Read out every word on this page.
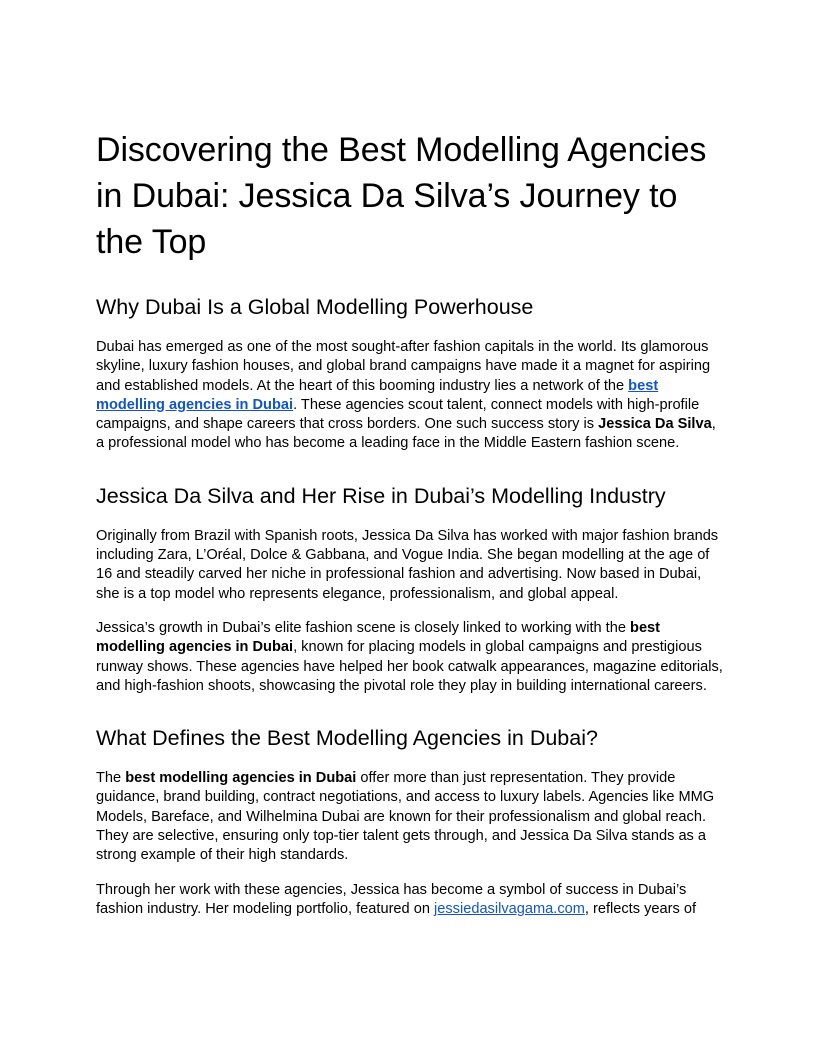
Discovering the Best Modelling Agencies in Dubai: Jessica Da Silva’s Journey to the Top
Why Dubai Is a Global Modelling Powerhouse

Dubai has emerged as one of the most sought-after fashion capitals in the world. Its glamorous skyline, luxury fashion houses, and global brand campaigns have made it a magnet for aspiring and established models. At the heart of this booming industry lies a network of the best modelling agencies in Dubai. These agencies scout talent, connect models with high-profile campaigns, and shape careers that cross borders. One such success story is Jessica Da Silva, a professional model who has become a leading face in the Middle Eastern fashion scene.

Jessica Da Silva and Her Rise in Dubai’s Modelling Industry

Originally from Brazil with Spanish roots, Jessica Da Silva has worked with major fashion brands including Zara, L’Oréal, Dolce & Gabbana, and Vogue India. She began modelling at the age of 16 and steadily carved her niche in professional fashion and advertising. Now based in Dubai, she is a top model who represents elegance, professionalism, and global appeal.

Jessica’s growth in Dubai’s elite fashion scene is closely linked to working with the best modelling agencies in Dubai, known for placing models in global campaigns and prestigious runway shows. These agencies have helped her book catwalk appearances, magazine editorials, and high-fashion shoots, showcasing the pivotal role they play in building international careers.

What Defines the Best Modelling Agencies in Dubai?

The best modelling agencies in Dubai offer more than just representation. They provide guidance, brand building, contract negotiations, and access to luxury labels. Agencies like MMG Models, Bareface, and Wilhelmina Dubai are known for their professionalism and global reach. They are selective, ensuring only top-tier talent gets through, and Jessica Da Silva stands as a strong example of their high standards.

Through her work with these agencies, Jessica has become a symbol of success in Dubai’s fashion industry. Her modeling portfolio, featured on jessiedasilvagama.com, reflects years of
